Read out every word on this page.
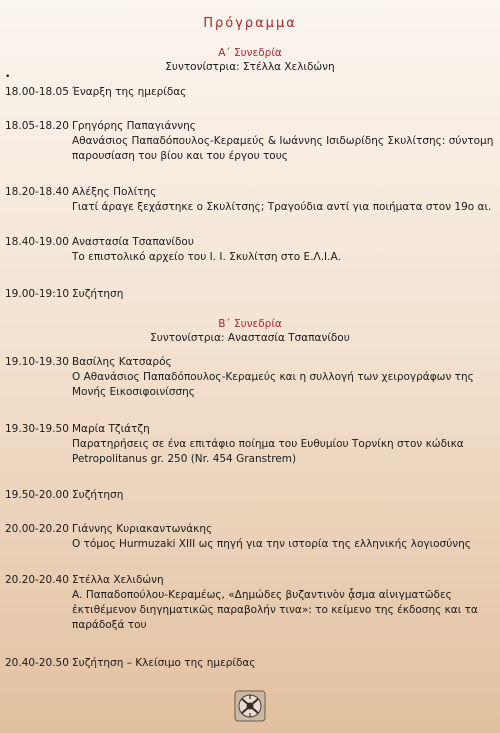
Πρόγραμμα
Α΄ Συνεδρία
Συντονίστρια: Στέλλα Χελιδώνη
•
18.00-18.05 Έναρξη της ημερίδας
18.05-18.20 Γρηγόρης Παπαγιάννης
Αθανάσιος Παπαδόπουλος-Κεραμεύς & Ιωάννης Ισιδωρίδης Σκυλίτσης: σύντομη παρουσίαση του βίου και του έργου τους
18.20-18.40 Αλέξης Πολίτης
Γιατί άραγε ξεχάστηκε ο Σκυλίτσης; Τραγούδια αντί για ποιήματα στον 19ο αι.
18.40-19.00 Αναστασία Τσαπανίδου
Το επιστολικό αρχείο του Ι. Ι. Σκυλίτση στο Ε.Λ.Ι.Α.
19.00-19:10 Συζήτηση
Β΄ Συνεδρία
Συντονίστρια: Αναστασία Τσαπανίδου
19.10-19.30 Βασίλης Κατσαρός
Ο Αθανάσιος Παπαδόπουλος-Κεραμεύς και η συλλογή των χειρογράφων της Μονής Εικοσιφοινίσσης
19.30-19.50 Μαρία Τζιάτζη
Παρατηρήσεις σε ένα επιτάφιο ποίημα του Ευθυμίου Τορνίκη στον κώδικα Petropolitanus gr. 250 (Nr. 454 Granstrem)
19.50-20.00 Συζήτηση
20.00-20.20 Γιάννης Κυριακαντωνάκης
Ο τόμος Hurmuzaki XIII ως πηγή για την ιστορία της ελληνικής λογιοσύνης
20.20-20.40 Στέλλα Χελιδώνη
Α. Παπαδοπούλου-Κεραμέως, «Δημώδες βυζαντινὸν ᾆσμα αἰνιγματῶδες ἐκτιθέμενον διηγηματικῶς παραβολήν τινα»: το κείμενο της έκδοσης και τα παράδοξά του
20.40-20.50 Συζήτηση – Κλείσιμο της ημερίδας
